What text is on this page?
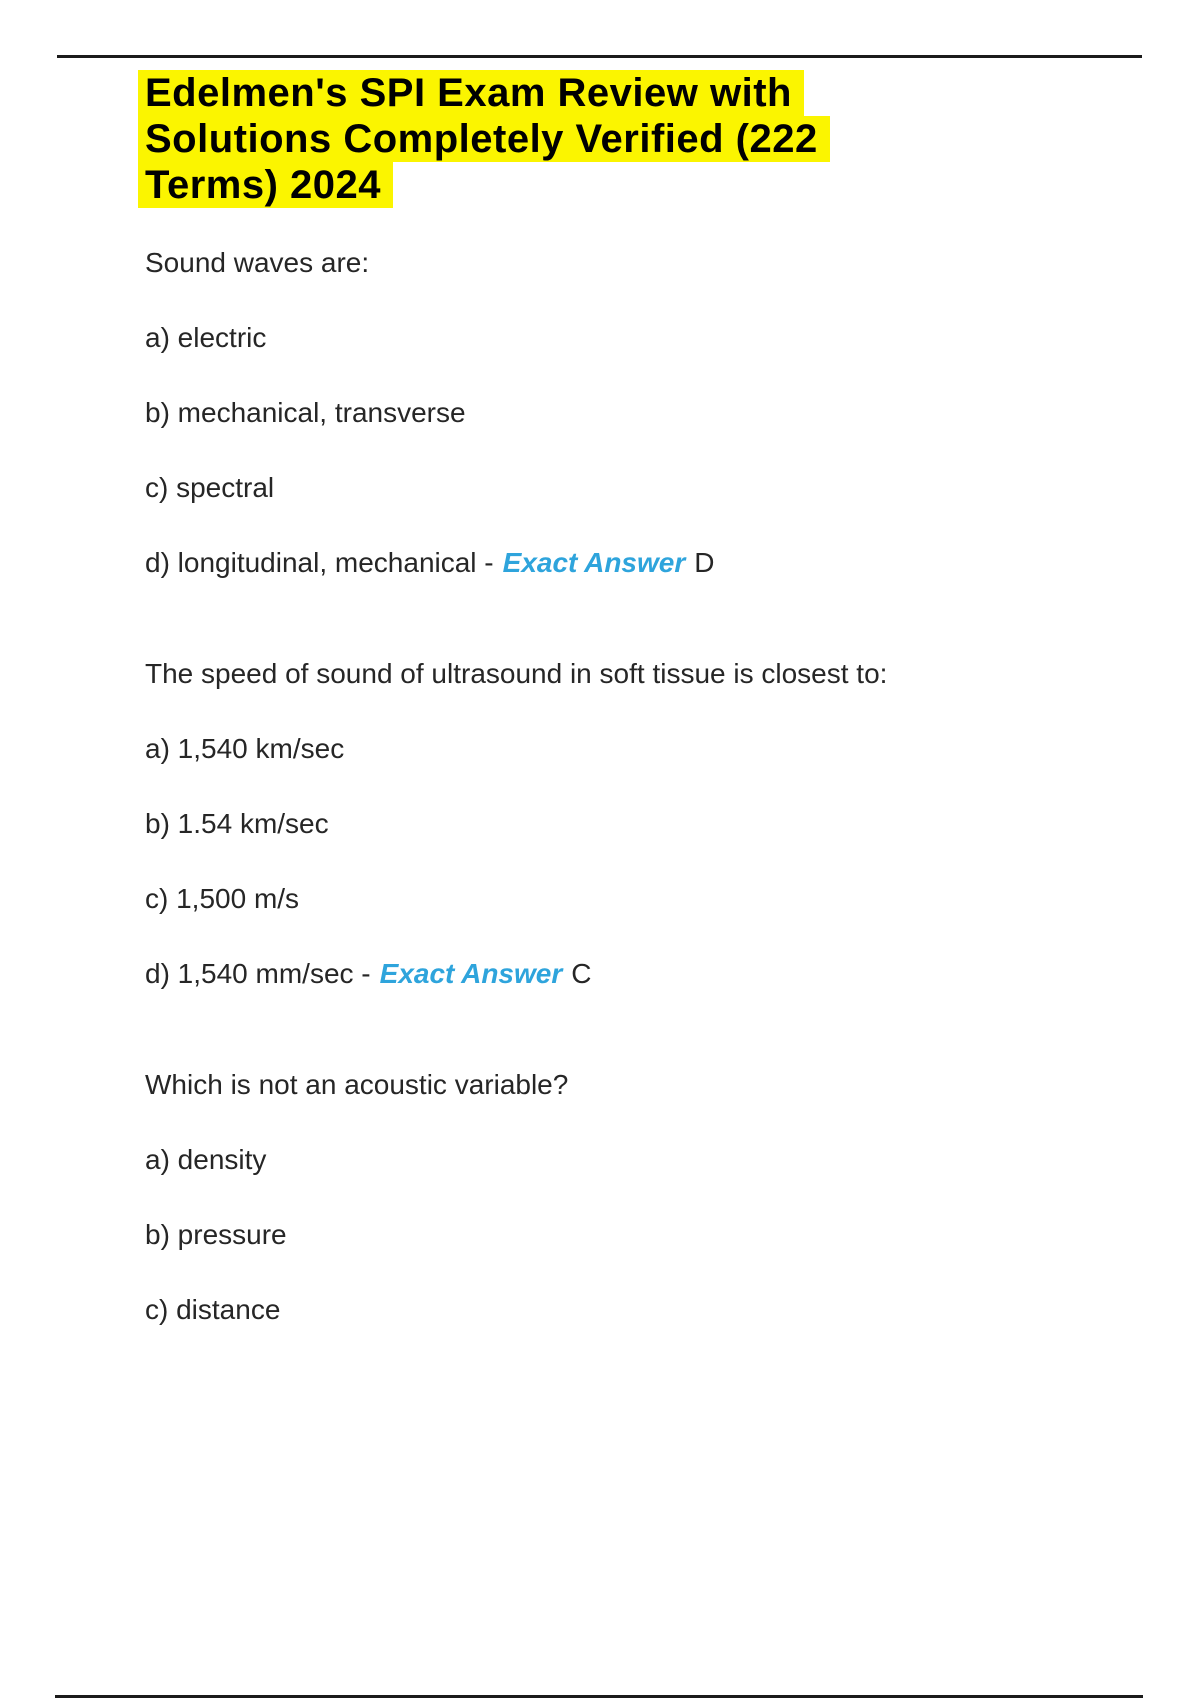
Edelmen's SPI Exam Review with
Solutions Completely Verified (222
Terms) 2024

Sound waves are:

a) electric

b) mechanical, transverse

c) spectral

d) longitudinal, mechanical - Exact Answer D

The speed of sound of ultrasound in soft tissue is closest to:

a) 1,540 km/sec

b) 1.54 km/sec

c) 1,500 m/s

d) 1,540 mm/sec - Exact Answer C

Which is not an acoustic variable?

a) density

b) pressure

c) distance
